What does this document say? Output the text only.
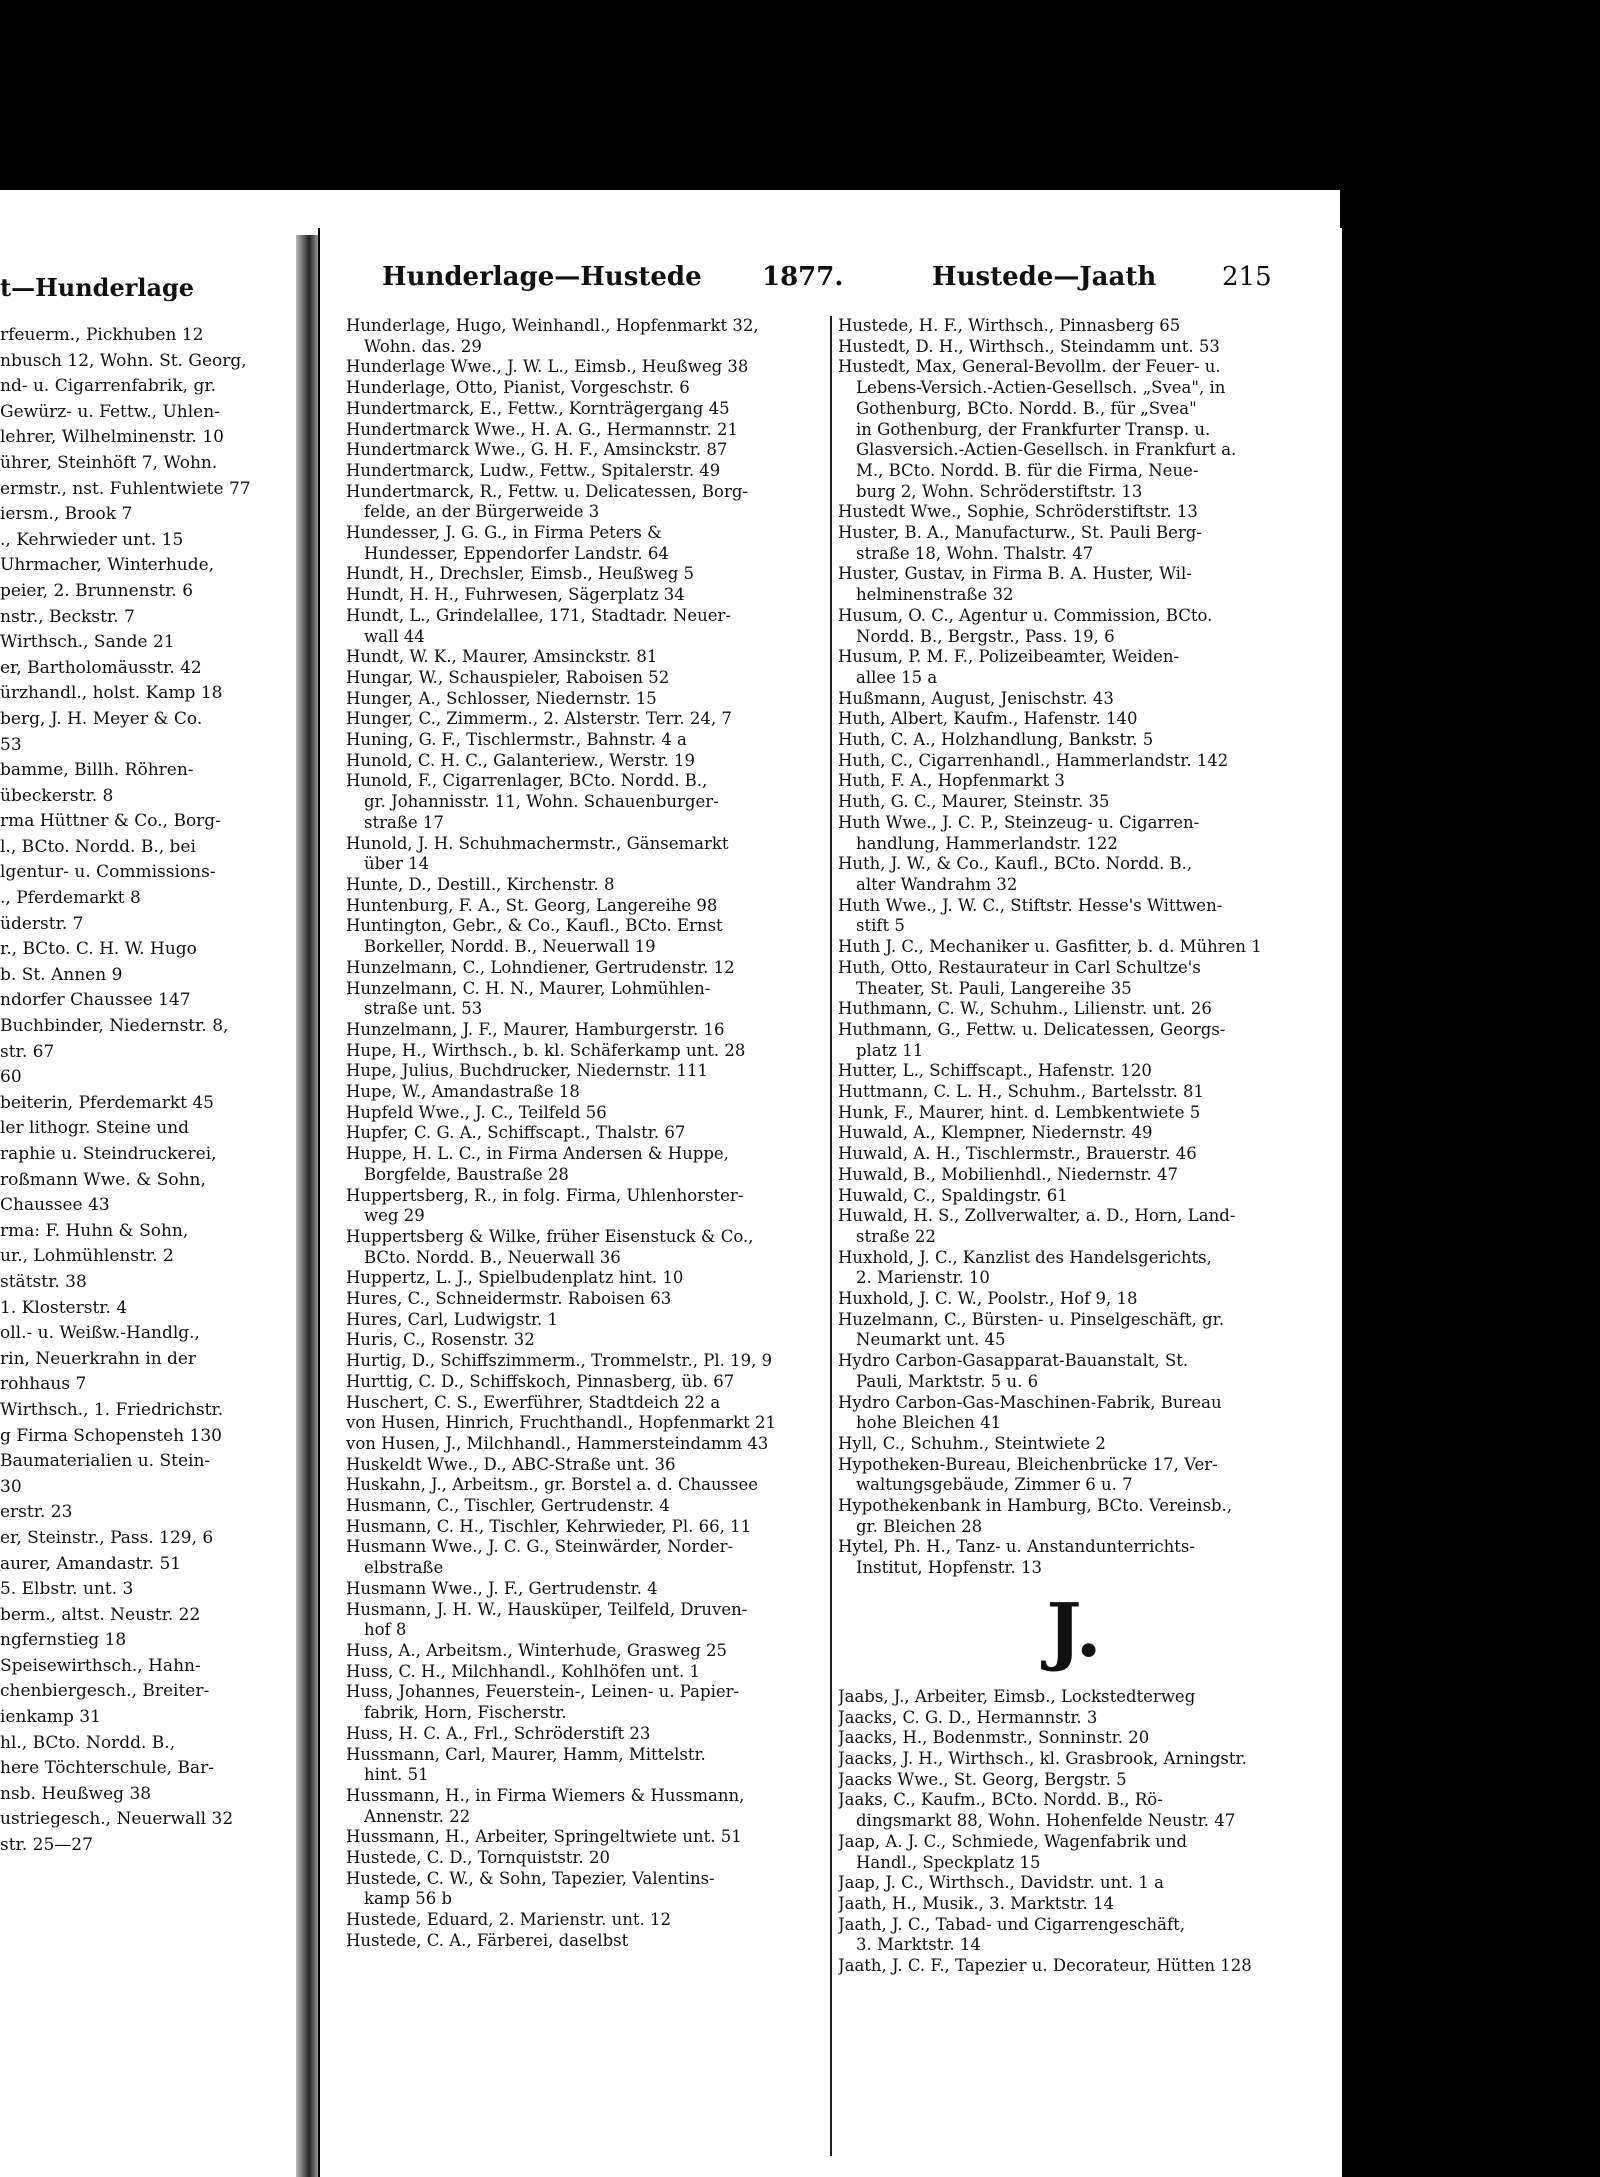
t—Hunderlage
rfeuerm., Pickhuben 12
nbusch 12, Wohn. St. Georg,
nd- u. Cigarrenfabrik, gr.
Gewürz- u. Fettw., Uhlen-
lehrer, Wilhelminenstr. 10
ührer, Steinhöft 7, Wohn.
ermstr., nst. Fuhlentwiete 77
iersm., Brook 7
., Kehrwieder unt. 15
Uhrmacher, Winterhude,
peier, 2. Brunnenstr. 6
nstr., Beckstr. 7
Wirthsch., Sande 21
er, Bartholomäusstr. 42
ürzhandl., holst. Kamp 18
berg, J. H. Meyer & Co.
53
bamme, Billh. Röhren-
übeckerstr. 8
rma Hüttner & Co., Borg-
l., BCto. Nordd. B., bei
lgentur- u. Commissions-
., Pferdemarkt 8
üderstr. 7
r., BCto. C. H. W. Hugo
b. St. Annen 9
ndorfer Chaussee 147
Buchbinder, Niedernstr. 8,
str. 67
60
beiterin, Pferdemarkt 45
ler lithogr. Steine und
raphie u. Steindruckerei,
roßmann Wwe. & Sohn,
Chaussee 43
rma: F. Huhn & Sohn,
ur., Lohmühlenstr. 2
stätstr. 38
1. Klosterstr. 4
oll.- u. Weißw.-Handlg.,
rin, Neuerkrahn in der
rohhaus 7
Wirthsch., 1. Friedrichstr.
g Firma Schopensteh 130
Baumaterialien u. Stein-
30
erstr. 23
er, Steinstr., Pass. 129, 6
aurer, Amandastr. 51
5. Elbstr. unt. 3
berm., altst. Neustr. 22
ngfernstieg 18
Speisewirthsch., Hahn-
chenbiergesch., Breiter-
ienkamp 31
hl., BCto. Nordd. B.,
here Töchterschule, Bar-
nsb. Heußweg 38
ustriegesch., Neuerwall 32
str. 25—27
Hunderlage—Hustede 1877.	Hustede—Jaath	215
Hunderlage, Hugo, Weinhandl., Hopfenmarkt 32,
Wohn. das. 29
Hunderlage Wwe., J. W. L., Eimsb., Heußweg 38
Hunderlage, Otto, Pianist, Vorgeschstr. 6
Hundertmarck, E., Fettw., Kornträgergang 45
Hundertmarck Wwe., H. A. G., Hermannstr. 21
Hundertmarck Wwe., G. H. F., Amsinckstr. 87
Hundertmarck, Ludw., Fettw., Spitalerstr. 49
Hundertmarck, R., Fettw. u. Delicatessen, Borg-
felde, an der Bürgerweide 3
Hundesser, J. G. G., in Firma Peters &
Hundesser, Eppendorfer Landstr. 64
Hundt, H., Drechsler, Eimsb., Heußweg 5
Hundt, H. H., Fuhrwesen, Sägerplatz 34
Hundt, L., Grindelallee, 171, Stadtadr. Neuer-
wall 44
Hundt, W. K., Maurer, Amsinckstr. 81
Hungar, W., Schauspieler, Raboisen 52
Hunger, A., Schlosser, Niedernstr. 15
Hunger, C., Zimmerm., 2. Alsterstr. Terr. 24, 7
Huning, G. F., Tischlermstr., Bahnstr. 4 a
Hunold, C. H. C., Galanteriew., Werstr. 19
Hunold, F., Cigarrenlager, BCto. Nordd. B.,
gr. Johannisstr. 11, Wohn. Schauenburger-
straße 17
Hunold, J. H. Schuhmachermstr., Gänsemarkt
über 14
Hunte, D., Destill., Kirchenstr. 8
Huntenburg, F. A., St. Georg, Langereihe 98
Huntington, Gebr., & Co., Kaufl., BCto. Ernst
Borkeller, Nordd. B., Neuerwall 19
Hunzelmann, C., Lohndiener, Gertrudenstr. 12
Hunzelmann, C. H. N., Maurer, Lohmühlen-
straße unt. 53
Hunzelmann, J. F., Maurer, Hamburgerstr. 16
Hupe, H., Wirthsch., b. kl. Schäferkamp unt. 28
Hupe, Julius, Buchdrucker, Niedernstr. 111
Hupe, W., Amandastraße 18
Hupfeld Wwe., J. C., Teilfeld 56
Hupfer, C. G. A., Schiffscapt., Thalstr. 67
Huppe, H. L. C., in Firma Andersen & Huppe,
Borgfelde, Baustraße 28
Huppertsberg, R., in folg. Firma, Uhlenhorster-
weg 29
Huppertsberg & Wilke, früher Eisenstuck & Co.,
BCto. Nordd. B., Neuerwall 36
Huppertz, L. J., Spielbudenplatz hint. 10
Hures, C., Schneidermstr. Raboisen 63
Hures, Carl, Ludwigstr. 1
Huris, C., Rosenstr. 32
Hurtig, D., Schiffszimmerm., Trommelstr., Pl. 19, 9
Hurttig, C. D., Schiffskoch, Pinnasberg, üb. 67
Huschert, C. S., Ewerführer, Stadtdeich 22 a
von Husen, Hinrich, Fruchthandl., Hopfenmarkt 21
von Husen, J., Milchhandl., Hammersteindamm 43
Huskeldt Wwe., D., ABC-Straße unt. 36
Huskahn, J., Arbeitsm., gr. Borstel a. d. Chaussee
Husmann, C., Tischler, Gertrudenstr. 4
Husmann, C. H., Tischler, Kehrwieder, Pl. 66, 11
Husmann Wwe., J. C. G., Steinwärder, Norder-
elbstraße
Husmann Wwe., J. F., Gertrudenstr. 4
Husmann, J. H. W., Hausküper, Teilfeld, Druven-
hof 8
Huss, A., Arbeitsm., Winterhude, Grasweg 25
Huss, C. H., Milchhandl., Kohlhöfen unt. 1
Huss, Johannes, Feuerstein-, Leinen- u. Papier-
fabrik, Horn, Fischerstr.
Huss, H. C. A., Frl., Schröderstift 23
Hussmann, Carl, Maurer, Hamm, Mittelstr.
hint. 51
Hussmann, H., in Firma Wiemers & Hussmann,
Annenstr. 22
Hussmann, H., Arbeiter, Springeltwiete unt. 51
Hustede, C. D., Tornquiststr. 20
Hustede, C. W., & Sohn, Tapezier, Valentins-
kamp 56 b
Hustede, Eduard, 2. Marienstr. unt. 12
Hustede, C. A., Färberei, daselbst
Hustede, H. F., Wirthsch., Pinnasberg 65
Hustedt, D. H., Wirthsch., Steindamm unt. 53
Hustedt, Max, General-Bevollm. der Feuer- u.
Lebens-Versich.-Actien-Gesellsch. „Svea", in
Gothenburg, BCto. Nordd. B., für „Svea"
in Gothenburg, der Frankfurter Transp. u.
Glasversich.-Actien-Gesellsch. in Frankfurt a.
M., BCto. Nordd. B. für die Firma, Neue-
burg 2, Wohn. Schröderstiftstr. 13
Hustedt Wwe., Sophie, Schröderstiftstr. 13
Huster, B. A., Manufacturw., St. Pauli Berg-
straße 18, Wohn. Thalstr. 47
Huster, Gustav, in Firma B. A. Huster, Wil-
helminenstraße 32
Husum, O. C., Agentur u. Commission, BCto.
Nordd. B., Bergstr., Pass. 19, 6
Husum, P. M. F., Polizeibeamter, Weiden-
allee 15 a
Hußmann, August, Jenischstr. 43
Huth, Albert, Kaufm., Hafenstr. 140
Huth, C. A., Holzhandlung, Bankstr. 5
Huth, C., Cigarrenhandl., Hammerlandstr. 142
Huth, F. A., Hopfenmarkt 3
Huth, G. C., Maurer, Steinstr. 35
Huth Wwe., J. C. P., Steinzeug- u. Cigarren-
handlung, Hammerlandstr. 122
Huth, J. W., & Co., Kaufl., BCto. Nordd. B.,
alter Wandrahm 32
Huth Wwe., J. W. C., Stiftstr. Hesse's Wittwen-
stift 5
Huth J. C., Mechaniker u. Gasfitter, b. d. Mühren 1
Huth, Otto, Restaurateur in Carl Schultze's
Theater, St. Pauli, Langereihe 35
Huthmann, C. W., Schuhm., Lilienstr. unt. 26
Huthmann, G., Fettw. u. Delicatessen, Georgs-
platz 11
Hutter, L., Schiffscapt., Hafenstr. 120
Huttmann, C. L. H., Schuhm., Bartelsstr. 81
Hunk, F., Maurer, hint. d. Lembkentwiete 5
Huwald, A., Klempner, Niedernstr. 49
Huwald, A. H., Tischlermstr., Brauerstr. 46
Huwald, B., Mobilienhdl., Niedernstr. 47
Huwald, C., Spaldingstr. 61
Huwald, H. S., Zollverwalter, a. D., Horn, Land-
straße 22
Huxhold, J. C., Kanzlist des Handelsgerichts,
2. Marienstr. 10
Huxhold, J. C. W., Poolstr., Hof 9, 18
Huzelmann, C., Bürsten- u. Pinselgeschäft, gr.
Neumarkt unt. 45
Hydro Carbon-Gasapparat-Bauanstalt, St.
Pauli, Marktstr. 5 u. 6
Hydro Carbon-Gas-Maschinen-Fabrik, Bureau
hohe Bleichen 41
Hyll, C., Schuhm., Steintwiete 2
Hypotheken-Bureau, Bleichenbrücke 17, Ver-
waltungsgebäude, Zimmer 6 u. 7
Hypothekenbank in Hamburg, BCto. Vereinsb.,
gr. Bleichen 28
Hytel, Ph. H., Tanz- u. Anstandunterrichts-
Institut, Hopfenstr. 13
J.
Jaabs, J., Arbeiter, Eimsb., Lockstedterweg
Jaacks, C. G. D., Hermannstr. 3
Jaacks, H., Bodenmstr., Sonninstr. 20
Jaacks, J. H., Wirthsch., kl. Grasbrook, Arningstr.
Jaacks Wwe., St. Georg, Bergstr. 5
Jaaks, C., Kaufm., BCto. Nordd. B., Rö-
dingsmarkt 88, Wohn. Hohenfelde Neustr. 47
Jaap, A. J. C., Schmiede, Wagenfabrik und
Handl., Speckplatz 15
Jaap, J. C., Wirthsch., Davidstr. unt. 1 a
Jaath, H., Musik., 3. Marktstr. 14
Jaath, J. C., Tabad- und Cigarrengeschäft,
3. Marktstr. 14
Jaath, J. C. F., Tapezier u. Decorateur, Hütten 128
